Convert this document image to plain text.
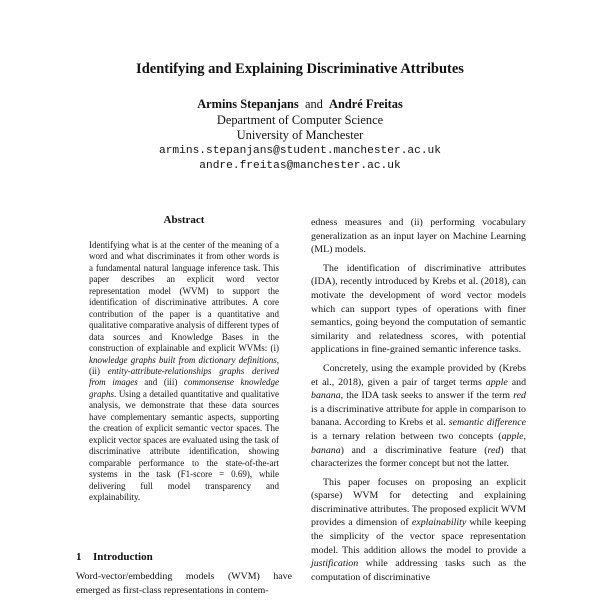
Identifying and Explaining Discriminative Attributes
Armins Stepanjans and André Freitas
Department of Computer Science
University of Manchester
armins.stepanjans@student.manchester.ac.uk
andre.freitas@manchester.ac.uk
Abstract

Identifying what is at the center of the meaning of a word and what discriminates it from other words is a fundamental natural language inference task. This paper describes an explicit word vector representation model (WVM) to support the identification of discriminative attributes. A core contribution of the paper is a quantitative and qualitative comparative analysis of different types of data sources and Knowledge Bases in the construction of explainable and explicit WVMs: (i) knowledge graphs built from dictionary definitions, (ii) entity-attribute-relationships graphs derived from images and (iii) commonsense knowledge graphs. Using a detailed quantitative and qualitative analysis, we demonstrate that these data sources have complementary semantic aspects, supporting the creation of explicit semantic vector spaces. The explicit vector spaces are evaluated using the task of discriminative attribute identification, showing comparable performance to the state-of-the-art systems in the task (F1-score = 0.69), while delivering full model transparency and explainability.

1 Introduction

Word-vector/embedding models (WVM) have emerged as first-class representations in contem-

edness measures and (ii) performing vocabulary generalization as an input layer on Machine Learning (ML) models.

The identification of discriminative attributes (IDA), recently introduced by Krebs et al. (2018), can motivate the development of word vector models which can support types of operations with finer semantics, going beyond the computation of semantic similarity and relatedness scores, with potential applications in fine-grained semantic inference tasks.

Concretely, using the example provided by (Krebs et al., 2018), given a pair of target terms apple and banana, the IDA task seeks to answer if the term red is a discriminative attribute for apple in comparison to banana. According to Krebs et al. semantic difference is a ternary relation between two concepts (apple, banana) and a discriminative feature (red) that characterizes the former concept but not the latter.

This paper focuses on proposing an explicit (sparse) WVM for detecting and explaining discriminative attributes. The proposed explicit WVM provides a dimension of explainability while keeping the simplicity of the vector space representation model. This addition allows the model to provide a justification while addressing tasks such as the computation of discriminative
